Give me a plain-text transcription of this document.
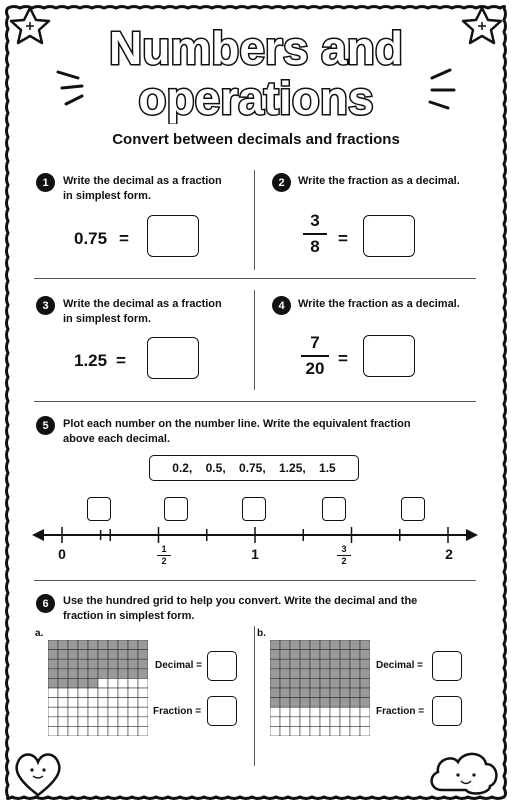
Numbers and
operations
Convert between decimals and fractions
1	Write the decimal as a fraction
in simplest form.
0.75 =
2	Write the fraction as a decimal.
3
8	=
3	Write the decimal as a fraction
in simplest form.
1.25 =
4	Write the fraction as a decimal.
7
20
=
5	Plot each number on the number line. Write the equivalent fraction
above each decimal.
0.2,    0.5,    0.75,    1.25,    1.5
0	1
2	1	3
2	2
6	Use the hundred grid to help you convert. Write the decimal and the
fraction in simplest form.
a.
Decimal =
Fraction =
b.
Decimal =
Fraction =
